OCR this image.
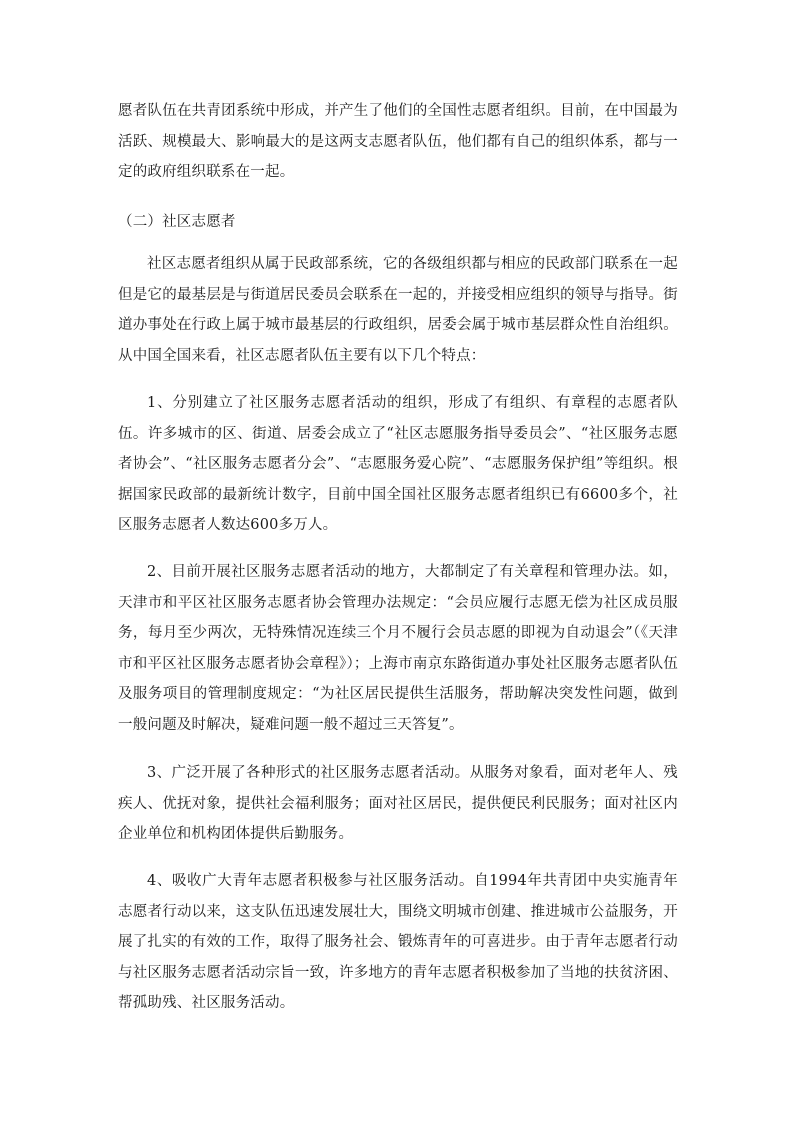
愿者队伍在共青团系统中形成，并产生了他们的全国性志愿者组织。目前，在中国最为活跃、规模最大、影响最大的是这两支志愿者队伍，他们都有自己的组织体系，都与一定的政府组织联系在一起。

（二）社区志愿者

社区志愿者组织从属于民政部系统，它的各级组织都与相应的民政部门联系在一起但是它的最基层是与街道居民委员会联系在一起的，并接受相应组织的领导与指导。街道办事处在行政上属于城市最基层的行政组织，居委会属于城市基层群众性自治组织。从中国全国来看，社区志愿者队伍主要有以下几个特点：

1、分别建立了社区服务志愿者活动的组织，形成了有组织、有章程的志愿者队伍。许多城市的区、街道、居委会成立了“社区志愿服务指导委员会”、“社区服务志愿者协会”、“社区服务志愿者分会”、“志愿服务爱心院”、“志愿服务保护组”等组织。根据国家民政部的最新统计数字，目前中国全国社区服务志愿者组织已有6600多个，社区服务志愿者人数达600多万人。

2、目前开展社区服务志愿者活动的地方，大都制定了有关章程和管理办法。如，天津市和平区社区服务志愿者协会管理办法规定：“会员应履行志愿无偿为社区成员服务，每月至少两次，无特殊情况连续三个月不履行会员志愿的即视为自动退会”（《天津市和平区社区服务志愿者协会章程》）；上海市南京东路街道办事处社区服务志愿者队伍及服务项目的管理制度规定：“为社区居民提供生活服务，帮助解决突发性问题，做到一般问题及时解决，疑难问题一般不超过三天答复”。

3、广泛开展了各种形式的社区服务志愿者活动。从服务对象看，面对老年人、残疾人、优抚对象，提供社会福利服务；面对社区居民，提供便民利民服务；面对社区内企业单位和机构团体提供后勤服务。

4、吸收广大青年志愿者积极参与社区服务活动。自1994年共青团中央实施青年志愿者行动以来，这支队伍迅速发展壮大，围绕文明城市创建、推进城市公益服务，开展了扎实的有效的工作，取得了服务社会、锻炼青年的可喜进步。由于青年志愿者行动与社区服务志愿者活动宗旨一致，许多地方的青年志愿者积极参加了当地的扶贫济困、帮孤助残、社区服务活动。
